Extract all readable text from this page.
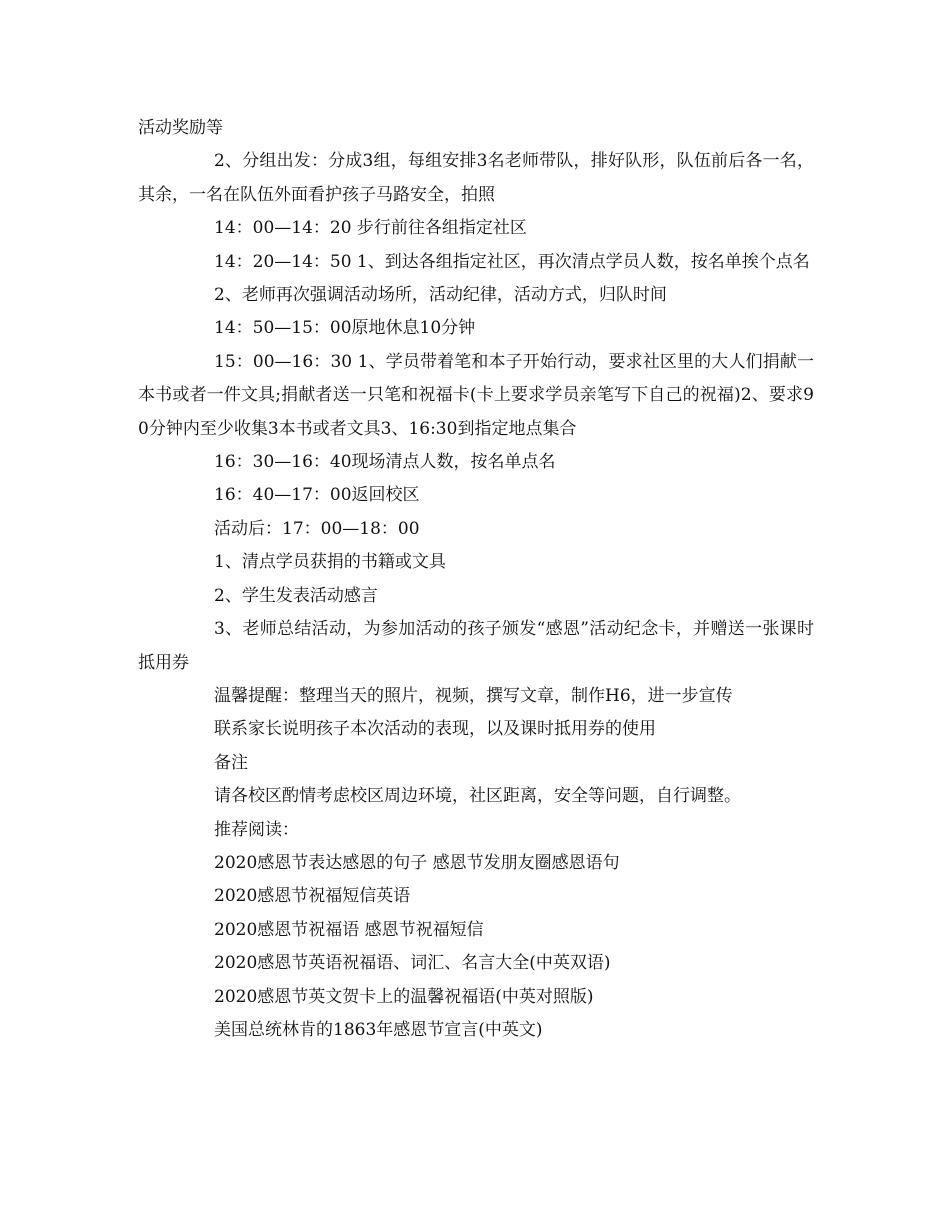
活动奖励等

2、分组出发：分成3组，每组安排3名老师带队，排好队形，队伍前后各一名，其余，一名在队伍外面看护孩子马路安全，拍照

14：00—14：20 步行前往各组指定社区

14：20—14：50 1、到达各组指定社区，再次清点学员人数，按名单挨个点名

2、老师再次强调活动场所，活动纪律，活动方式，归队时间

14：50—15：00原地休息10分钟

15：00—16：30 1、学员带着笔和本子开始行动，要求社区里的大人们捐献一本书或者一件文具;捐献者送一只笔和祝福卡(卡上要求学员亲笔写下自己的祝福)2、要求90分钟内至少收集3本书或者文具3、16:30到指定地点集合

16：30—16：40现场清点人数，按名单点名

16：40—17：00返回校区

活动后：17：00—18：00

1、清点学员获捐的书籍或文具

2、学生发表活动感言

3、老师总结活动，为参加活动的孩子颁发“感恩”活动纪念卡，并赠送一张课时抵用券

温馨提醒：整理当天的照片，视频，撰写文章，制作H6，进一步宣传

联系家长说明孩子本次活动的表现，以及课时抵用券的使用

备注

请各校区酌情考虑校区周边环境，社区距离，安全等问题，自行调整。

推荐阅读：

2020感恩节表达感恩的句子 感恩节发朋友圈感恩语句

2020感恩节祝福短信英语

2020感恩节祝福语 感恩节祝福短信

2020感恩节英语祝福语、词汇、名言大全(中英双语)

2020感恩节英文贺卡上的温馨祝福语(中英对照版)

美国总统林肯的1863年感恩节宣言(中英文)
